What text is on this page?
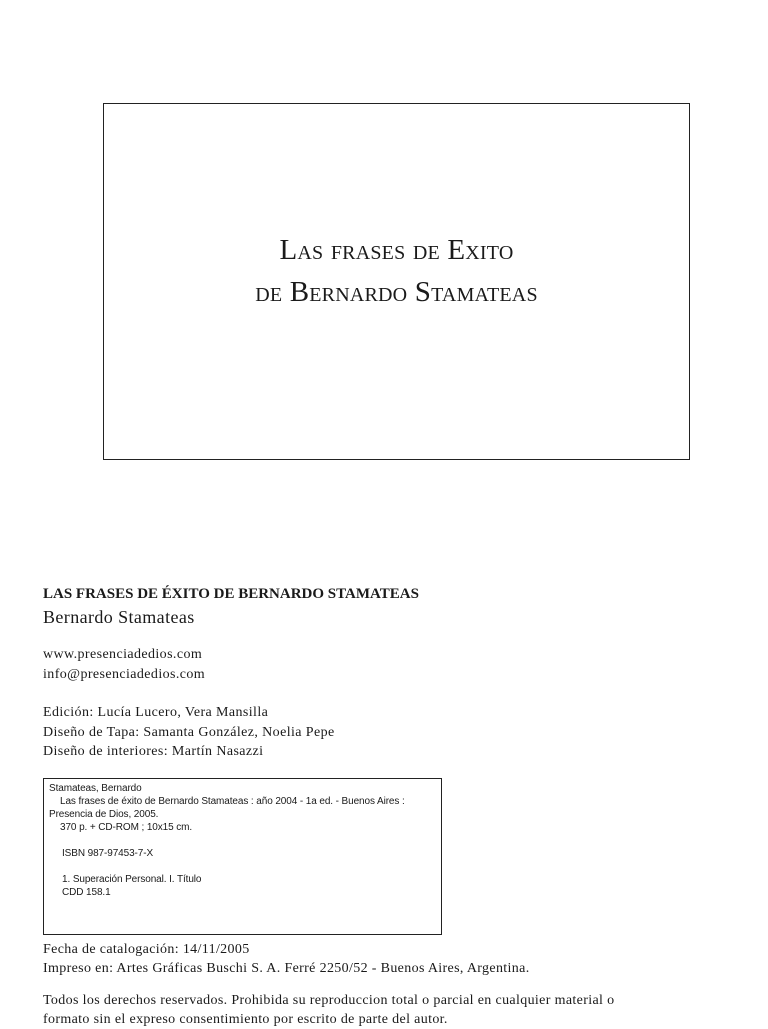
Las frases de Exito
de Bernardo Stamateas
LAS FRASES DE ÉXITO DE BERNARDO STAMATEAS
Bernardo Stamateas
www.presenciadedios.com
info@presenciadedios.com
Edición: Lucía Lucero, Vera Mansilla
Diseño de Tapa: Samanta González, Noelia Pepe
Diseño de interiores: Martín Nasazzi
Stamateas, Bernardo
Las frases de éxito de Bernardo Stamateas : año 2004 - 1a ed. - Buenos Aires :
Presencia de Dios, 2005.
370 p. + CD-ROM ; 10x15 cm.
ISBN 987-97453-7-X
1. Superación Personal. I. Título
CDD 158.1
Fecha de catalogación: 14/11/2005
Impreso en: Artes Gráficas Buschi S. A. Ferré 2250/52 - Buenos Aires, Argentina.
Todos los derechos reservados. Prohibida su reproduccion total o parcial en cualquier material o
formato sin el expreso consentimiento por escrito de parte del autor.
